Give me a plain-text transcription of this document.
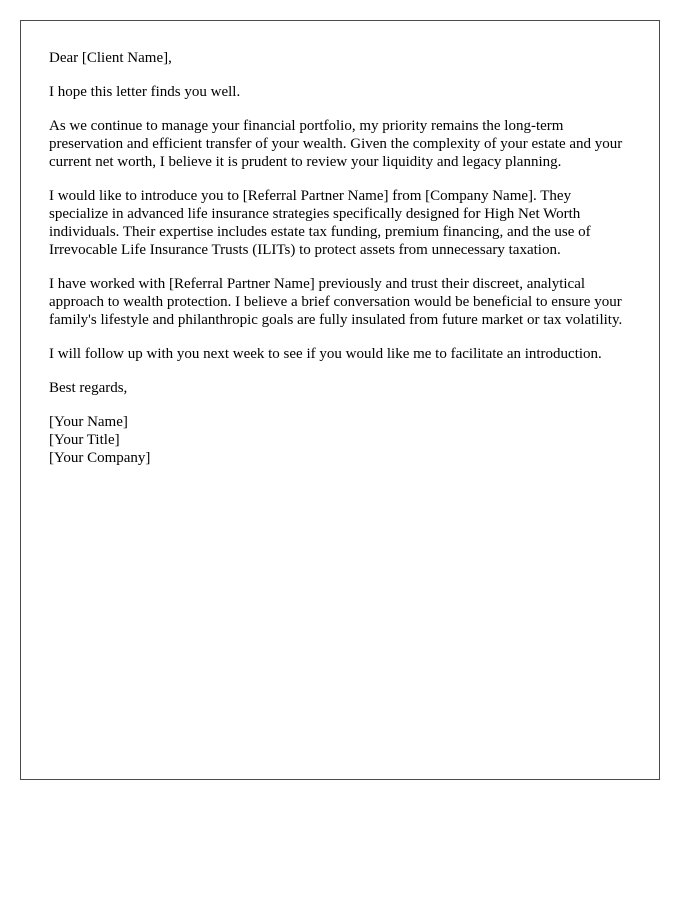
Dear [Client Name],

I hope this letter finds you well.

As we continue to manage your financial portfolio, my priority remains the long-term preservation and efficient transfer of your wealth. Given the complexity of your estate and your current net worth, I believe it is prudent to review your liquidity and legacy planning.

I would like to introduce you to [Referral Partner Name] from [Company Name]. They specialize in advanced life insurance strategies specifically designed for High Net Worth individuals. Their expertise includes estate tax funding, premium financing, and the use of Irrevocable Life Insurance Trusts (ILITs) to protect assets from unnecessary taxation.

I have worked with [Referral Partner Name] previously and trust their discreet, analytical approach to wealth protection. I believe a brief conversation would be beneficial to ensure your family's lifestyle and philanthropic goals are fully insulated from future market or tax volatility.

I will follow up with you next week to see if you would like me to facilitate an introduction.

Best regards,

[Your Name]
[Your Title]
[Your Company]
